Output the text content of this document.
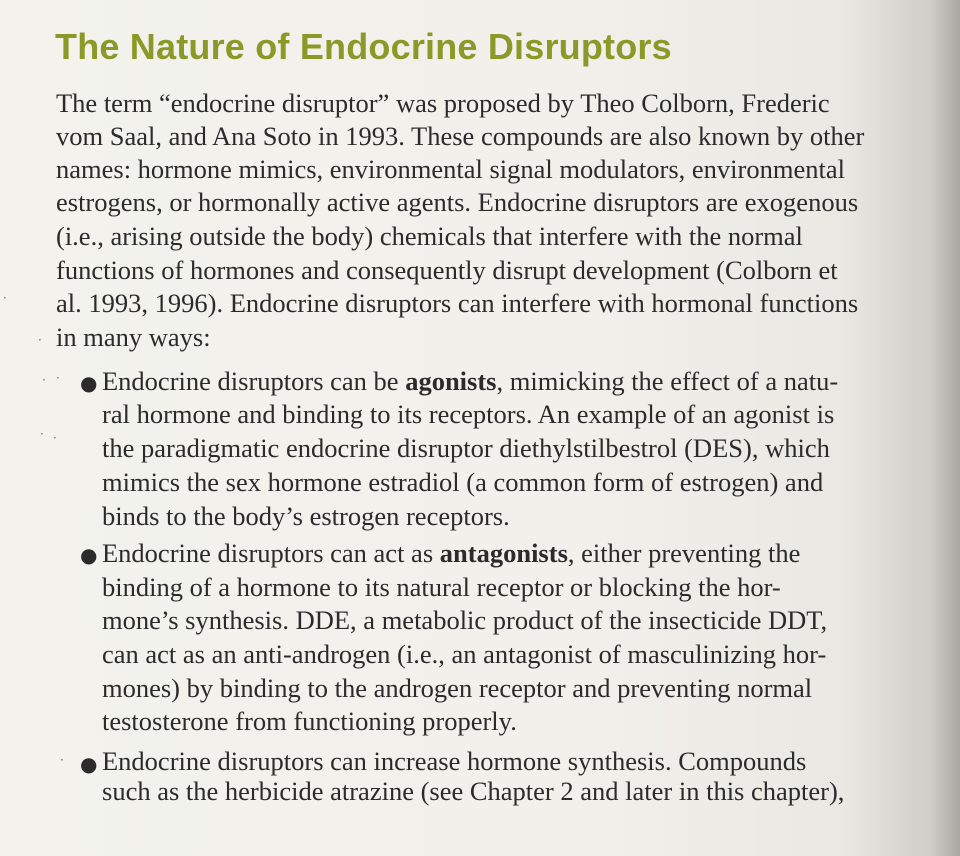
The Nature of Endocrine Disruptors
The term “endocrine disruptor” was proposed by Theo Colborn, Frederic
vom Saal, and Ana Soto in 1993. These compounds are also known by other
names: hormone mimics, environmental signal modulators, environmental
estrogens, or hormonally active agents. Endocrine disruptors are exogenous
(i.e., arising outside the body) chemicals that interfere with the normal
functions of hormones and consequently disrupt development (Colborn et
al. 1993, 1996). Endocrine disruptors can interfere with hormonal functions
in many ways:
● Endocrine disruptors can be agonists, mimicking the effect of a natu-
ral hormone and binding to its receptors. An example of an agonist is
the paradigmatic endocrine disruptor diethylstilbestrol (DES), which
mimics the sex hormone estradiol (a common form of estrogen) and
binds to the body’s estrogen receptors.
● Endocrine disruptors can act as antagonists, either preventing the
binding of a hormone to its natural receptor or blocking the hor-
mone’s synthesis. DDE, a metabolic product of the insecticide DDT,
can act as an anti-androgen (i.e., an antagonist of masculinizing hor-
mones) by binding to the androgen receptor and preventing normal
testosterone from functioning properly.
● Endocrine disruptors can increase hormone synthesis. Compounds
such as the herbicide atrazine (see Chapter 2 and later in this chapter),
·
·
· ·
· ·
·
